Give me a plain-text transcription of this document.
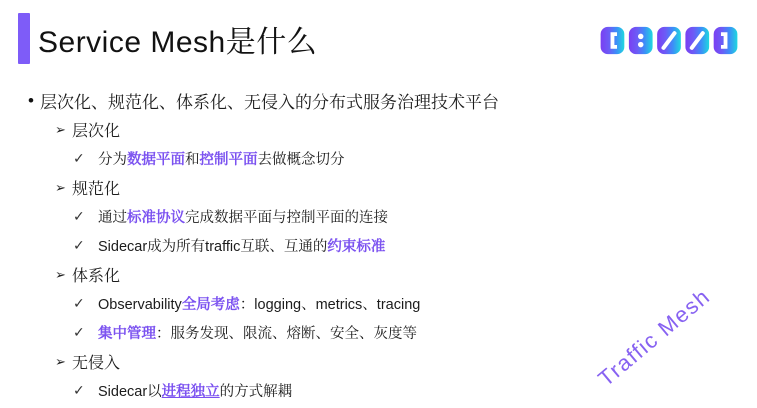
Service Mesh是什么
• 层次化、规范化、体系化、无侵入的分布式服务治理技术平台
➢ 层次化
✓ 分为数据平面和控制平面去做概念切分
➢ 规范化
✓ 通过标准协议完成数据平面与控制平面的连接
✓ Sidecar成为所有traffic互联、互通的约束标准
➢ 体系化
✓ Observability全局考虑：logging、metrics、tracing
✓ 集中管理：服务发现、限流、熔断、安全、灰度等
➢ 无侵入
✓ Sidecar以进程独立的方式解耦
Traffic Mesh
